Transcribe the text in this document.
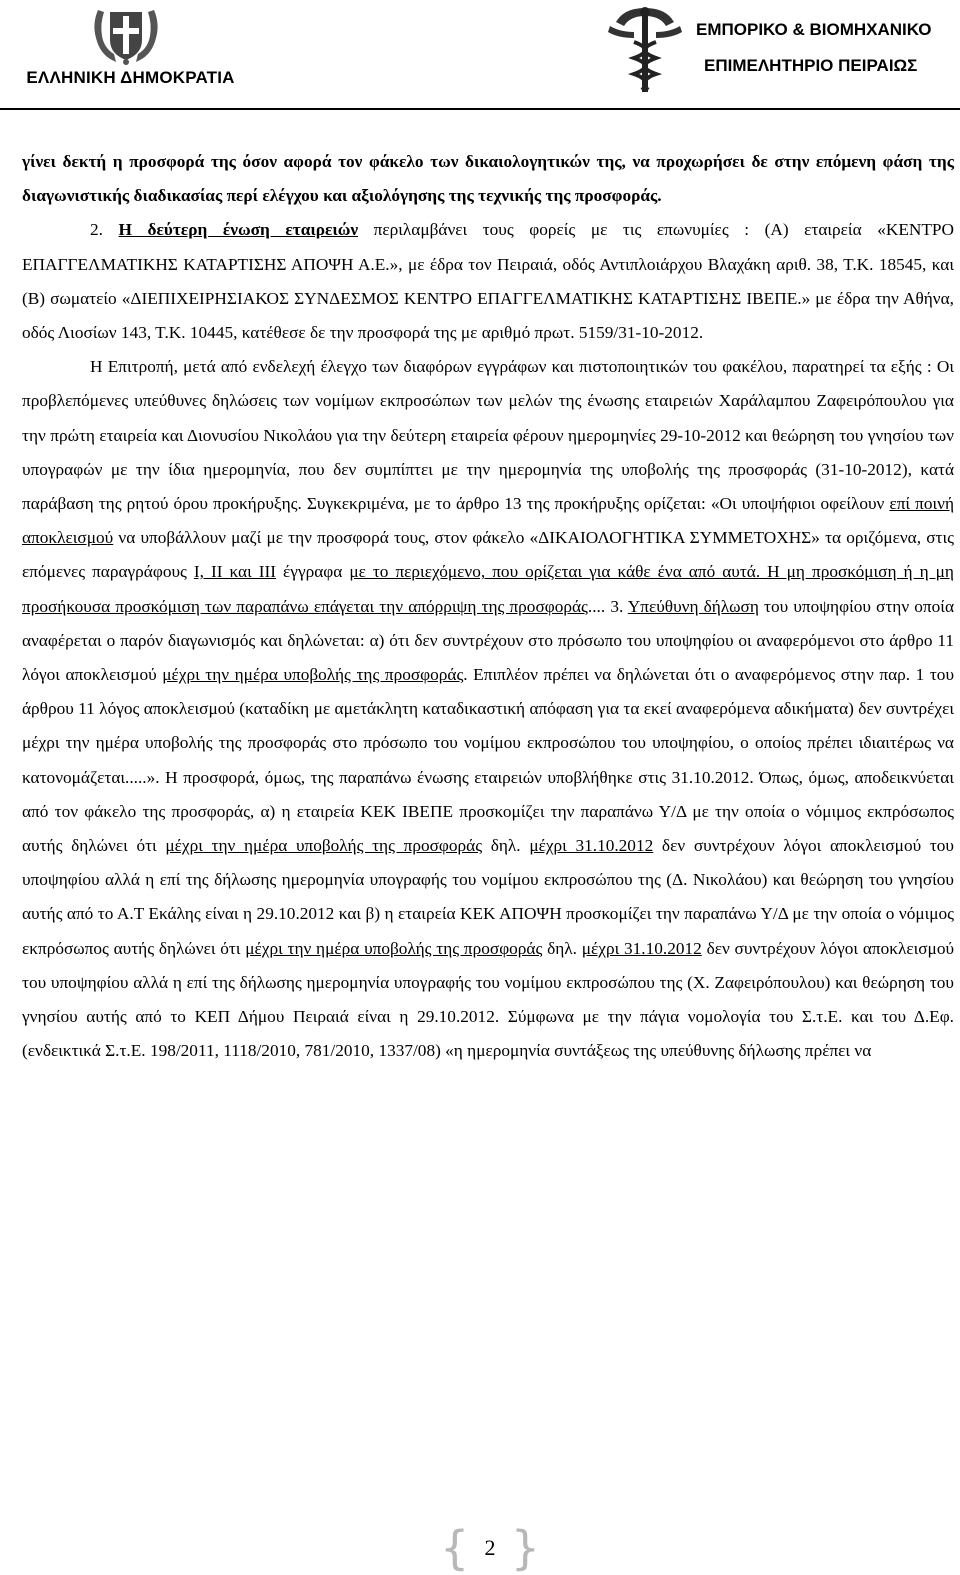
ΕΛΛΗΝΙΚΗ ΔΗΜΟΚΡΑΤΙΑ
ΕΜΠΟΡΙΚΟ & ΒΙΟΜΗΧΑΝΙΚΟ
ΕΠΙΜΕΛΗΤΗΡΙΟ ΠΕΙΡΑΙΩΣ

γίνει δεκτή η προσφορά της όσον αφορά τον φάκελο των δικαιολογητικών της, να προχωρήσει δε στην επόμενη φάση της διαγωνιστικής διαδικασίας περί ελέγχου και αξιολόγησης της τεχνικής της προσφοράς.

2. Η δεύτερη ένωση εταιρειών περιλαμβάνει τους φορείς με τις επωνυμίες : (Α) εταιρεία «ΚΕΝΤΡΟ ΕΠΑΓΓΕΛΜΑΤΙΚΗΣ ΚΑΤΑΡΤΙΣΗΣ ΑΠΟΨΗ Α.Ε.», με έδρα τον Πειραιά, οδός Αντιπλοιάρχου Βλαχάκη αριθ. 38, Τ.Κ. 18545, και (Β) σωματείο «ΔΙΕΠΙΧΕΙΡΗΣΙΑΚΟΣ ΣΥΝΔΕΣΜΟΣ ΚΕΝΤΡΟ ΕΠΑΓΓΕΛΜΑΤΙΚΗΣ ΚΑΤΑΡΤΙΣΗΣ ΙΒΕΠΕ.» με έδρα την Αθήνα, οδός Λιοσίων 143, Τ.Κ. 10445, κατέθεσε δε την προσφορά της με αριθμό πρωτ. 5159/31-10-2012.

Η Επιτροπή, μετά από ενδελεχή έλεγχο των διαφόρων εγγράφων και πιστοποιητικών του φακέλου, παρατηρεί τα εξής : Οι προβλεπόμενες υπεύθυνες δηλώσεις των νομίμων εκπροσώπων των μελών της ένωσης εταιρειών Χαράλαμπου Ζαφειρόπουλου για την πρώτη εταιρεία και Διονυσίου Νικολάου για την δεύτερη εταιρεία φέρουν ημερομηνίες 29-10-2012 και θεώρηση του γνησίου των υπογραφών με την ίδια ημερομηνία, που δεν συμπίπτει με την ημερομηνία της υποβολής της προσφοράς (31-10-2012), κατά παράβαση της ρητού όρου προκήρυξης. Συγκεκριμένα, με το άρθρο 13 της προκήρυξης ορίζεται: «Οι υποψήφιοι οφείλουν επί ποινή αποκλεισμού να υποβάλλουν μαζί με την προσφορά τους, στον φάκελο «ΔΙΚΑΙΟΛΟΓΗΤΙΚΑ ΣΥΜΜΕΤΟΧΗΣ» τα οριζόμενα, στις επόμενες παραγράφους Ι, ΙΙ και ΙΙΙ έγγραφα με το περιεχόμενο, που ορίζεται για κάθε ένα από αυτά. Η μη προσκόμιση ή η μη προσήκουσα προσκόμιση των παραπάνω επάγεται την απόρριψη της προσφοράς.... 3. Υπεύθυνη δήλωση του υποψηφίου στην οποία αναφέρεται ο παρόν διαγωνισμός και δηλώνεται: α) ότι δεν συντρέχουν στο πρόσωπο του υποψηφίου οι αναφερόμενοι στο άρθρο 11 λόγοι αποκλεισμού μέχρι την ημέρα υποβολής της προσφοράς. Επιπλέον πρέπει να δηλώνεται ότι ο αναφερόμενος στην παρ. 1 του άρθρου 11 λόγος αποκλεισμού (καταδίκη με αμετάκλητη καταδικαστική απόφαση για τα εκεί αναφερόμενα αδικήματα) δεν συντρέχει μέχρι την ημέρα υποβολής της προσφοράς στο πρόσωπο του νομίμου εκπροσώπου του υποψηφίου, ο οποίος πρέπει ιδιαιτέρως να κατονομάζεται.....». Η προσφορά, όμως, της παραπάνω ένωσης εταιρειών υποβλήθηκε στις 31.10.2012. Όπως, όμως, αποδεικνύεται από τον φάκελο της προσφοράς, α) η εταιρεία ΚΕΚ ΙΒΕΠΕ προσκομίζει την παραπάνω Υ/Δ με την οποία ο νόμιμος εκπρόσωπος αυτής δηλώνει ότι μέχρι την ημέρα υποβολής της προσφοράς δηλ. μέχρι 31.10.2012 δεν συντρέχουν λόγοι αποκλεισμού του υποψηφίου αλλά η επί της δήλωσης ημερομηνία υπογραφής του νομίμου εκπροσώπου της (Δ. Νικολάου) και θεώρηση του γνησίου αυτής από το Α.Τ Εκάλης είναι η 29.10.2012 και β) η εταιρεία ΚΕΚ ΑΠΟΨΗ προσκομίζει την παραπάνω Υ/Δ με την οποία ο νόμιμος εκπρόσωπος αυτής δηλώνει ότι μέχρι την ημέρα υποβολής της προσφοράς δηλ. μέχρι 31.10.2012 δεν συντρέχουν λόγοι αποκλεισμού του υποψηφίου αλλά η επί της δήλωσης ημερομηνία υπογραφής του νομίμου εκπροσώπου της (Χ. Ζαφειρόπουλου) και θεώρηση του γνησίου αυτής από το ΚΕΠ Δήμου Πειραιά είναι η 29.10.2012. Σύμφωνα με την πάγια νομολογία του Σ.τ.Ε. και του Δ.Εφ. (ενδεικτικά Σ.τ.Ε. 198/2011, 1118/2010, 781/2010, 1337/08) «η ημερομηνία συντάξεως της υπεύθυνης δήλωσης πρέπει να

{ 2 }
